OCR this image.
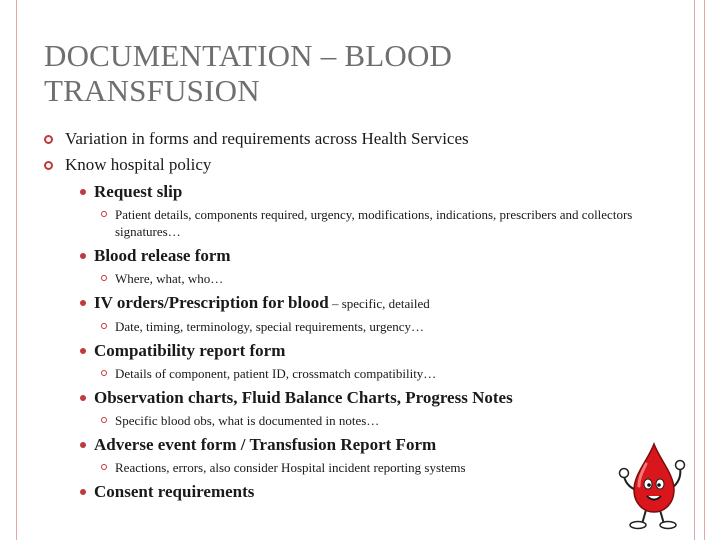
DOCUMENTATION – BLOOD TRANSFUSION
Variation in forms and requirements across Health Services
Know hospital policy
Request slip
Patient details, components required, urgency, modifications, indications, prescribers and collectors signatures…
Blood release form
Where, what, who…
IV orders/Prescription for blood – specific, detailed
Date, timing, terminology, special requirements, urgency…
Compatibility report form
Details of component, patient ID, crossmatch compatibility…
Observation charts, Fluid Balance Charts, Progress Notes
Specific blood obs, what is documented in notes…
Adverse event form / Transfusion Report Form
Reactions, errors, also consider Hospital incident reporting systems
Consent requirements
